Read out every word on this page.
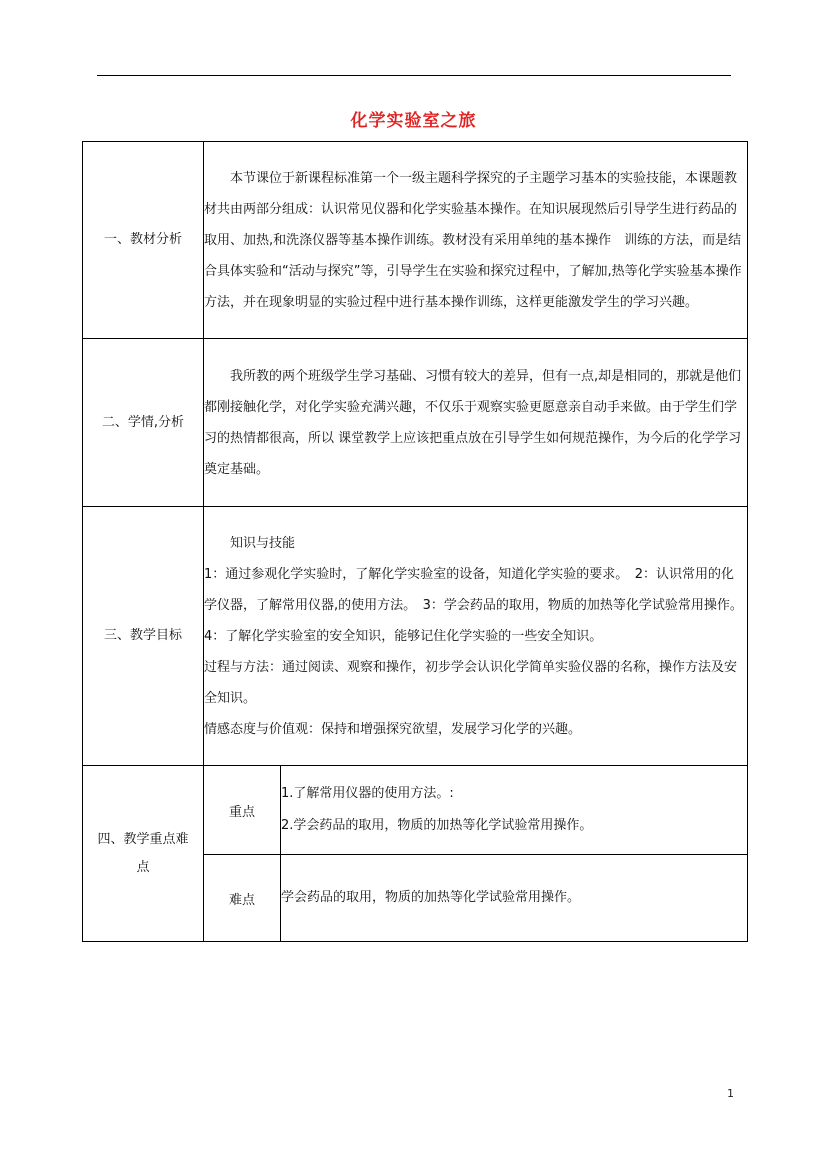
化学实验室之旅
一、教材分析	本节课位于新课程标准第一个一级主题科学探究的子主题学习基本的实验技能，本课题教材共由两部分组成：认识常见仪器和化学实验基本操作。在知识展现然后引导学生进行药品的取用、加热,和洗涤仪器等基本操作训练。教材没有采用单纯的基本操作　训练的方法，而是结合具体实验和“活动与探究”等，引导学生在实验和探究过程中，了解加,热等化学实验基本操作　方法，并在现象明显的实验过程中进行基本操作训练，这样更能激发学生的学习兴趣。	

二、学情,分析	我所教的两个班级学生学习基础、习惯有较大的差异，但有一点,却是相同的，那就是他们都刚接触化学，对化学实验充满兴趣，不仅乐于观察实验更愿意亲自动手来做。由于学生们学习的热情都很高，所以 课堂教学上应该把重点放在引导学生如何规范操作，为今后的化学学习奠定基础。	

三、教学目标	知识与技能

1：通过参观化学实验时，了解化学实验室的设备，知道化学实验的要求。　2：认识常用的化学仪器，了解常用仪器,的使用方法。　3：学会药品的取用，物质的加热等化学试验常用操作。　4：了解化学实验室的安全知识，能够记住化学实验的一些安全知识。

过程与方法：通过阅读、观察和操作，初步学会认识化学简单实验仪器的名称，操作方法及安全知识。

情感态度与价值观：保持和增强探究欲望，发展学习化学的兴趣。	

四、教学重点难点	重点	1.了解常用仪器的使用方法。:

2.学会药品的取用，物质的加热等化学试验常用操作。

	难点	学会药品的取用，物质的加热等化学试验常用操作。

1
